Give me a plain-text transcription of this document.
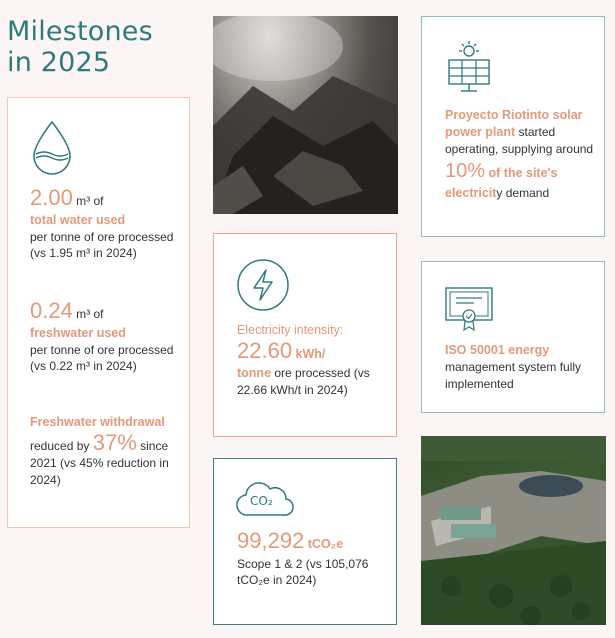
Milestones
in 2025
2.00 m³ of
total water used
per tonne of ore processed (vs 1.95 m³ in 2024)
0.24 m³ of
freshwater used
per tonne of ore processed (vs 0.22 m³ in 2024)
Freshwater withdrawal reduced by 37% since 2021 (vs 45% reduction in 2024)
Proyecto Riotinto solar power plant started operating, supplying around
10% of the site's electricity demand
Electricity intensity:
22.60 kWh/
tonne ore processed (vs 22.66 kWh/t in 2024)
ISO 50001 energy management system fully implemented
CO₂
99,292 tCO₂e
Scope 1 & 2 (vs 105,076 tCO₂e in 2024)
